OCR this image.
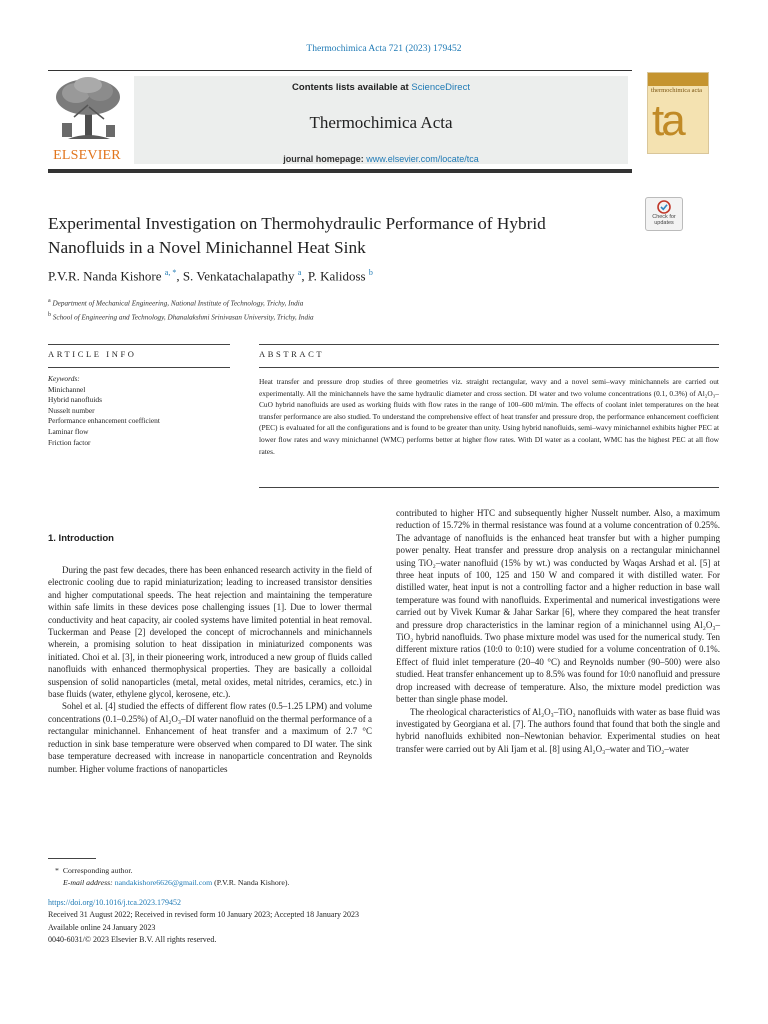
Thermochimica Acta 721 (2023) 179452
ELSEVIER
Contents lists available at ScienceDirect
Thermochimica Acta
journal homepage: www.elsevier.com/locate/tca
thermochimica acta
ta
Experimental Investigation on Thermohydraulic Performance of Hybrid Nanofluids in a Novel Minichannel Heat Sink
Check for
updates
P.V.R. Nanda Kishore $^{a, *}$, S. Venkatachalapathy $^a$, P. Kalidoss $^b$
$^a$ Department of Mechanical Engineering, National Institute of Technology, Trichy, India
$^b$ School of Engineering and Technology, Dhanalakshmi Srinivasan University, Trichy, India
ARTICLE INFO	ABSTRACT
Keywords:
Minichannel
Hybrid nanofluids
Nusselt number
Performance enhancement coefficient
Laminar flow
Friction factor
Heat transfer and pressure drop studies of three geometries viz. straight rectangular, wavy and a novel semi–wavy minichannels are carried out experimentally. All the minichannels have the same hydraulic diameter and cross section. DI water and two volume concentrations (0.1, 0.3%) of Al₂O₃–CuO hybrid nanofluids are used as working fluids with flow rates in the range of 100–600 ml/min. The effects of coolant inlet temperatures on the heat transfer performance are also studied. To understand the comprehensive effect of heat transfer and pressure drop, the performance enhancement coefficient (PEC) is evaluated for all the configurations and is found to be greater than unity. Using hybrid nanofluids, semi–wavy minichannel exhibits higher PEC at lower flow rates and wavy minichannel (WMC) performs better at higher flow rates. With DI water as a coolant, WMC has the highest PEC at all flow rates.
1. Introduction

During the past few decades, there has been enhanced research activity in the field of electronic cooling due to rapid miniaturization; leading to increased transistor densities and higher computational speeds. The heat rejection and maintaining the temperature within safe limits in these devices pose challenging issues [1]. Due to lower thermal conductivity and heat capacity, air cooled systems have limited potential in heat removal. Tuckerman and Pease [2] developed the concept of microchannels and minichannels wherein, a promising solution to heat dissipation in miniaturized components was initiated. Choi et al. [3], in their pioneering work, introduced a new group of fluids called nanofluids with enhanced thermophysical properties. They are basically a colloidal suspension of solid nanoparticles (metal, metal oxides, metal nitrides, ceramics, etc.) in base fluids (water, ethylene glycol, kerosene, etc.).

Sohel et al. [4] studied the effects of different flow rates (0.5–1.25 LPM) and volume concentrations (0.1–0.25%) of Al₂O₃–DI water nanofluid on the thermal performance of a rectangular minichannel. Enhancement of heat transfer and a maximum of 2.7 °C reduction in sink base temperature were observed when compared to DI water. The sink base temperature decreased with increase in nanoparticle concentration and Reynolds number. Higher volume fractions of nanoparticles

contributed to higher HTC and subsequently higher Nusselt number. Also, a maximum reduction of 15.72% in thermal resistance was found at a volume concentration of 0.25%. The advantage of nanofluids is the enhanced heat transfer but with a higher pumping power penalty. Heat transfer and pressure drop analysis on a rectangular minichannel using TiO₂–water nanofluid (15% by wt.) was conducted by Waqas Arshad et al. [5] at three heat inputs of 100, 125 and 150 W and compared it with distilled water. For distilled water, heat input is not a controlling factor and a higher reduction in base wall temperature was found with nanofluids. Experimental and numerical investigations were carried out by Vivek Kumar & Jahar Sarkar [6], where they compared the heat transfer and pressure drop characteristics in the laminar region of a minichannel using Al₂O₃–TiO₂ hybrid nanofluids. Two phase mixture model was used for the numerical study. Ten different mixture ratios (10:0 to 0:10) were studied for a volume concentration of 0.1%. Effect of fluid inlet temperature (20–40 °C) and Reynolds number (90–500) were also studied. Heat transfer enhancement up to 8.5% was found for 10:0 nanofluid and pressure drop increased with decrease of temperature. Also, the mixture model prediction was better than single phase model.

The rheological characteristics of Al₂O₃–TiO₂ nanofluids with water as base fluid was investigated by Georgiana et al. [7]. The authors found that found that both the single and hybrid nanofluids exhibited non–Newtonian behavior. Experimental studies on heat transfer were carried out by Ali Ijam et al. [8] using Al₂O₃–water and TiO₂–water

* Corresponding author.
E-mail address: nandakishore6626@gmail.com (P.V.R. Nanda Kishore).
https://doi.org/10.1016/j.tca.2023.179452
Received 31 August 2022; Received in revised form 10 January 2023; Accepted 18 January 2023
Available online 24 January 2023
0040-6031/© 2023 Elsevier B.V. All rights reserved.
